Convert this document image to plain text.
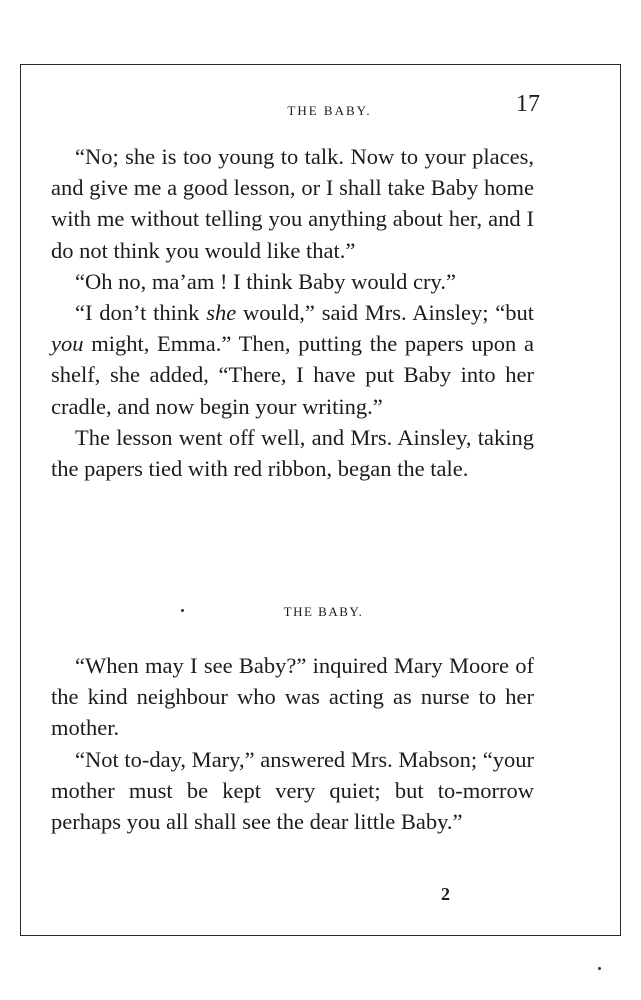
THE BABY.	17

“No; she is too young to talk. Now to your places, and give me a good lesson, or I shall take Baby home with me without telling you anything about her, and I do not think you would like that.”

“Oh no, ma’am ! I think Baby would cry.”

“I don’t think she would,” said Mrs. Ainsley; “but you might, Emma.” Then, putting the papers upon a shelf, she added, “There, I have put Baby into her cradle, and now begin your writing.”

The lesson went off well, and Mrs. Ainsley, taking the papers tied with red ribbon, began the tale.

THE BABY.

“When may I see Baby?” inquired Mary Moore of the kind neighbour who was acting as nurse to her mother.

“Not to-day, Mary,” answered Mrs. Mabson; “your mother must be kept very quiet; but to-morrow perhaps you all shall see the dear little Baby.”

2
